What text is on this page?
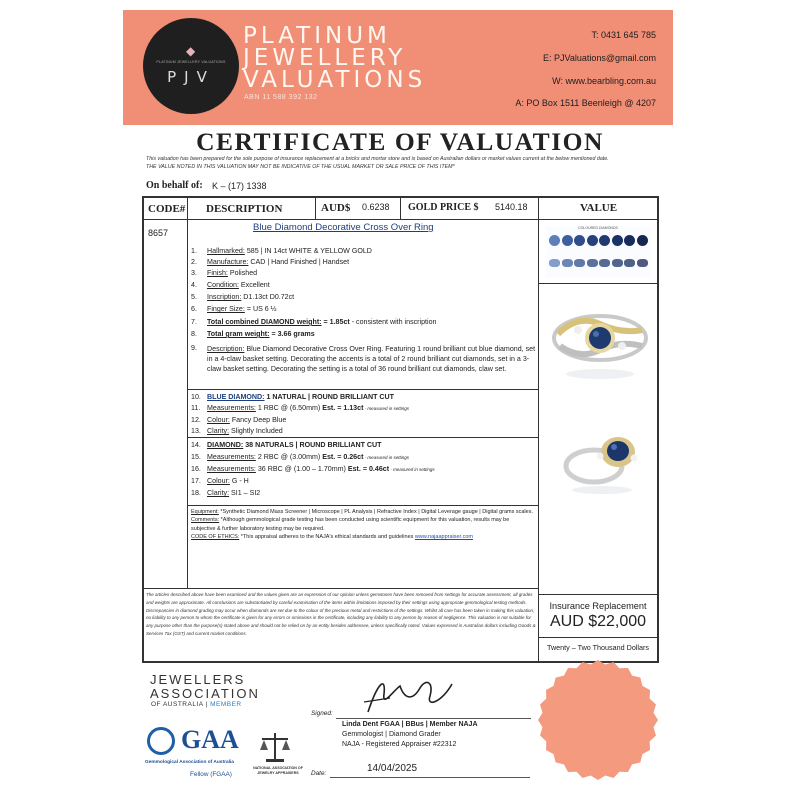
◆
PLATINUM JEWELLERY VALUATIONS
PJV
PLATINUM
JEWELLERY
VALUATIONS
ABN 11 588 392 132
T: 0431 645 785
E: PJValuations@gmail.com
W: www.bearbling.com.au
A: PO Box 1511 Beenleigh @ 4207
CERTIFICATE OF VALUATION
This valuation has been prepared for the sole purpose of insurance replacement at a bricks and mortar store and is based on Australian dollars or market values current at the below mentioned date.
THE VALUE NOTED IN THIS VALUATION MAY NOT BE INDICATIVE OF THE USUAL MARKET OR SALE PRICE OF THIS ITEM*
On behalf of: K – (17) 1338
CODE# DESCRIPTION	AUD$ 0.6238 GOLD PRICE $ 5140.18	VALUE
8657	Blue Diamond Decorative Cross Over Ring
1. Hallmarked: 585 | IN 14ct WHITE & YELLOW GOLD
2. Manufacture: CAD | Hand Finished | Handset
3. Finish: Polished
4. Condition: Excellent
5. Inscription: D1.13ct D0.72ct
6. Finger Size: = US 6 ½
7. Total combined DIAMOND weight: = 1.85ct - consistent with inscription
8. Total gram weight: = 3.66 grams
9. Description: Blue Diamond Decorative Cross Over Ring. Featuring 1 round brilliant cut blue diamond, set in a 4-claw basket setting. Decorating the accents is a total of 2 round brilliant cut diamonds, set in a 3-claw basket setting. Decorating the setting is a total of 36 round brilliant cut diamonds, claw set.
10. BLUE DIAMOND: 1 NATURAL | ROUND BRILLIANT CUT
11. Measurements: 1 RBC @ (6.50mm) Est. = 1.13ct - measured in settings
12. Colour: Fancy Deep Blue
13. Clarity: Slightly Included
14. DIAMOND: 38 NATURALS | ROUND BRILLIANT CUT
15. Measurements: 2 RBC @ (3.00mm) Est. = 0.26ct - measured in settings
16. Measurements: 36 RBC @ (1.00 – 1.70mm) Est. = 0.46ct - measured in settings
17. Colour: G - H
18. Clarity: SI1 – SI2
Equipment: *Synthetic Diamond Mass Screener | Microscope | PL Analysis | Refractive Index | Digital Leverage gauge | Digital grams scales.
Comments: *Although gemmological grade testing has been conducted using scientific equipment for this valuation, results may be subjective & further laboratory testing may be required.
CODE OF ETHICS: *This appraisal adheres to the NAJA's ethical standards and guidelines www.najaappraiser.com
The articles described above have been examined and the values given are an expression of our opinion unless gemstones have been removed from settings for accurate assessment, all grades and weights are approximate. All conclusions are substantiated by careful examination of the items within limitations imposed by their settings using appropriate gemmological testing methods. Discrepancies in diamond grading may occur when diamonds are set due to the colour of the precious metal and restrictions of the settings. Whilst all care has been taken in making this valuation, no liability to any person to whom the certificate is given for any errors or omissions in the certificate, including any liability to any person by reason of negligence. This valuation is not suitable for any purpose other than the purpose(s) stated above and should not be relied on by an entity besides addressee, unless specifically noted. Values expressed in Australian dollars including Goods & Services Tax (GST) and current market conditions.
COLOURED DIAMONDS
Insurance Replacement
AUD $22,000
Twenty – Two Thousand Dollars
JEWELLERS
ASSOCIATION
OF AUSTRALIA | MEMBER
GAA
Gemmological Association of Australia
Fellow (FGAA)
NATIONAL ASSOCIATION OF JEWELRY APPRAISERS
Signed:
Linda Dent FGAA | BBus | Member NAJA
Gemmologist | Diamond Grader
NAJA - Registered Appraiser #22312
Date:	14/04/2025
